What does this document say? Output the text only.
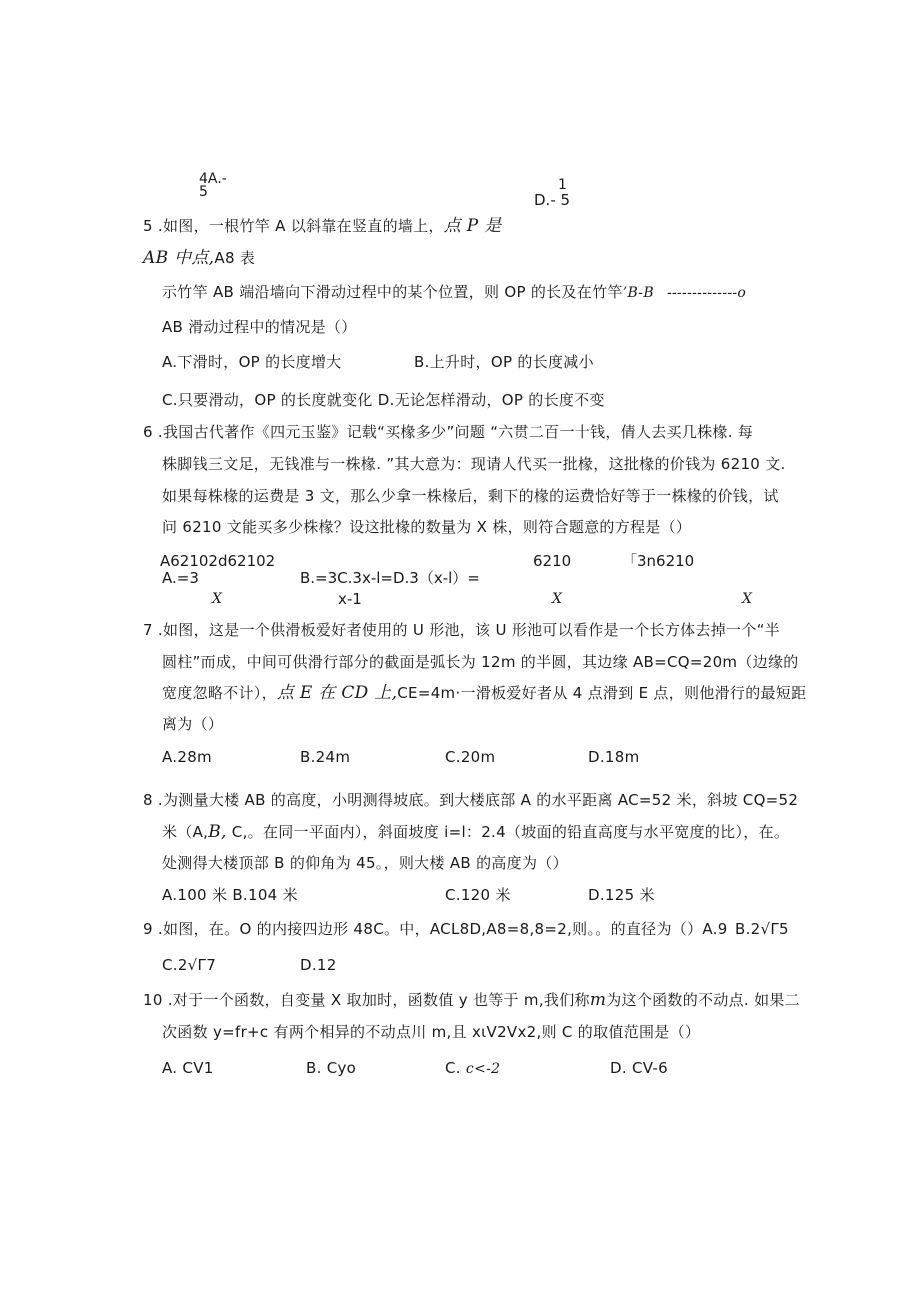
4A.-
5	1
D.- 5
5 .如图，一根竹竿 A 以斜靠在竖直的墙上，点 P 是
AB 中点,A8 表
示竹竿 AB 端沿墙向下滑动过程中的某个位置，则 OP 的长及在竹竿’B-B --------------o
AB 滑动过程中的情况是（）
A.下滑时，OP 的长度增大	B.上升时，OP 的长度减小
C.只要滑动，OP 的长度就变化 D.无论怎样滑动，OP 的长度不变
6 .我国古代著作《四元玉鉴》记载“买椽多少”问题 “六贯二百一十钱，倩人去买几株椽. 每
株脚钱三文足，无钱准与一株椽. ”其大意为：现请人代买一批椽，这批椽的价钱为 6210 文.
如果每株椽的运费是 3 文，那么少拿一株椽后，剩下的椽的运费恰好等于一株椽的价钱，试
问 6210 文能买多少株椽？设这批椽的数量为 X 株，则符合题意的方程是（）
A62102d62102	6210	「3n6210
A.=3	B.=3C.3x-l=D.3（x-l）=
X	x-1	X	X
7 .如图，这是一个供滑板爱好者使用的 U 形池，该 U 形池可以看作是一个长方体去掉一个“半
圆柱”而成，中间可供滑行部分的截面是弧长为 12m 的半圆，其边缘 AB=CQ=20m（边缘的
宽度忽略不计），点 E 在 CD 上,CE=4m·一滑板爱好者从 4 点滑到 E 点，则他滑行的最短距
离为（）
A.28m	B.24m	C.20m	D.18m
8 .为测量大楼 AB 的高度，小明测得坡底。到大楼底部 A 的水平距离 AC=52 米，斜坡 CQ=52
米（A,B, C,。在同一平面内），斜面坡度 i=l：2.4（坡面的铅直高度与水平宽度的比），在。
处测得大楼顶部 B 的仰角为 45。，则大楼 AB 的高度为（）
A.100 米 B.104 米	C.120 米	D.125 米
9 .如图，在。O 的内接四边形 48C。中，ACL8D,A8=8,8=2,则。。的直径为（）A.9 B.2√Γ5
C.2√Γ7	D.12
10 .对于一个函数，自变量 X 取加时，函数值 y 也等于 m,我们称m为这个函数的不动点. 如果二
次函数 y=fr+c 有两个相异的不动点川 m,且 xιV2Vx2,则 C 的取值范围是（）
A. CV1	B. Cyo	C. c<-2	D. CV-6
